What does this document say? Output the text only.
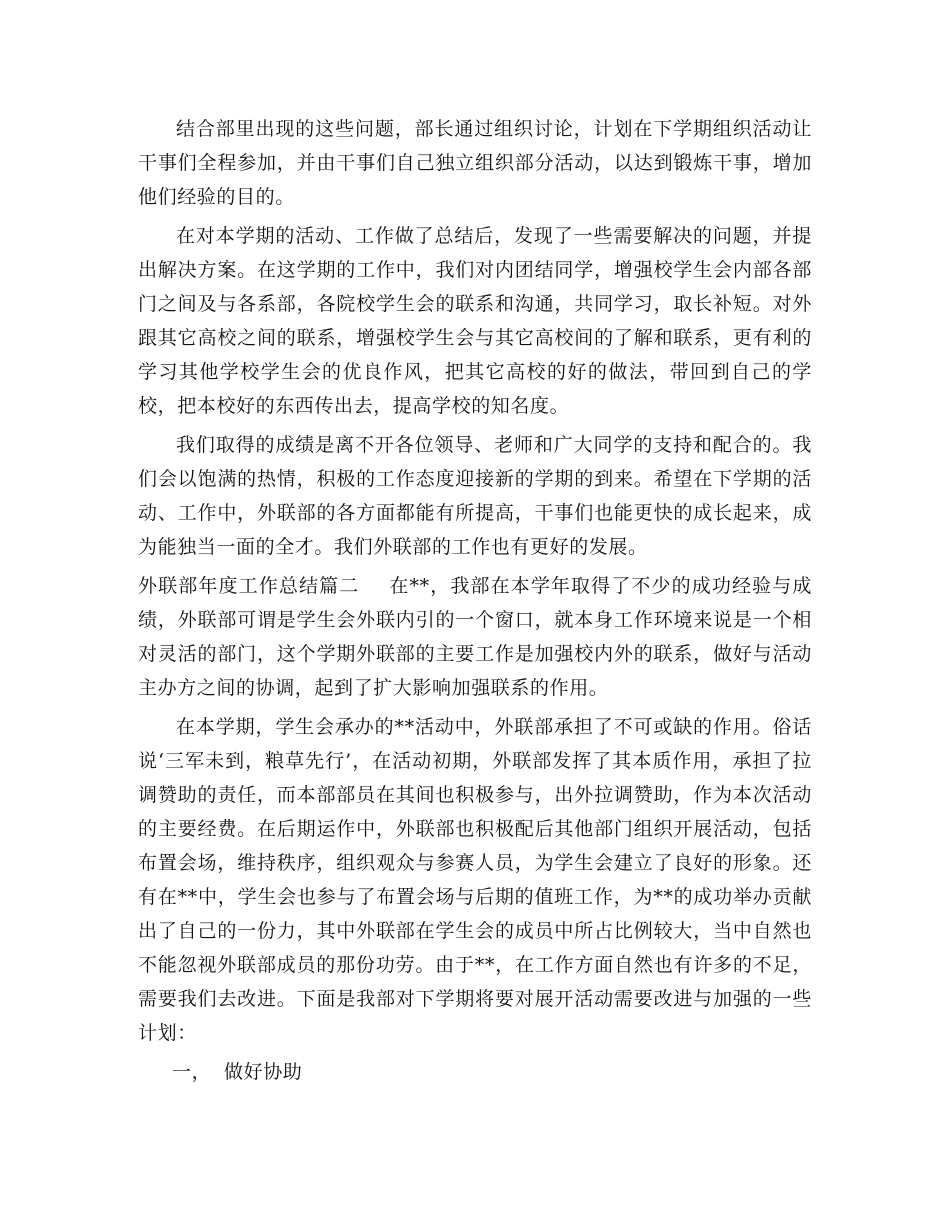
结合部里出现的这些问题，部长通过组织讨论，计划在下学期组织活动让干事们全程参加，并由干事们自己独立组织部分活动，以达到锻炼干事，增加他们经验的目的。

在对本学期的活动、工作做了总结后，发现了一些需要解决的问题，并提出解决方案。在这学期的工作中，我们对内团结同学，增强校学生会内部各部门之间及与各系部，各院校学生会的联系和沟通，共同学习，取长补短。对外跟其它高校之间的联系，增强校学生会与其它高校间的了解和联系，更有利的学习其他学校学生会的优良作风，把其它高校的好的做法，带回到自己的学校，把本校好的东西传出去，提高学校的知名度。

我们取得的成绩是离不开各位领导、老师和广大同学的支持和配合的。我们会以饱满的热情，积极的工作态度迎接新的学期的到来。希望在下学期的活动、工作中，外联部的各方面都能有所提高，干事们也能更快的成长起来，成为能独当一面的全才。我们外联部的工作也有更好的发展。

外联部年度工作总结篇二 在**，我部在本学年取得了不少的成功经验与成绩，外联部可谓是学生会外联内引的一个窗口，就本身工作环境来说是一个相对灵活的部门，这个学期外联部的主要工作是加强校内外的联系，做好与活动主办方之间的协调，起到了扩大影响加强联系的作用。

在本学期，学生会承办的**活动中，外联部承担了不可或缺的作用。俗话说‘三军未到，粮草先行’，在活动初期，外联部发挥了其本质作用，承担了拉调赞助的责任，而本部部员在其间也积极参与，出外拉调赞助，作为本次活动的主要经费。在后期运作中，外联部也积极配后其他部门组织开展活动，包括布置会场，维持秩序，组织观众与参赛人员，为学生会建立了良好的形象。还有在**中，学生会也参与了布置会场与后期的值班工作，为**的成功举办贡献出了自己的一份力，其中外联部在学生会的成员中所占比例较大，当中自然也不能忽视外联部成员的那份功劳。由于**，在工作方面自然也有许多的不足，需要我们去改进。下面是我部对下学期将要对展开活动需要改进与加强的一些计划：

一， 做好协助
